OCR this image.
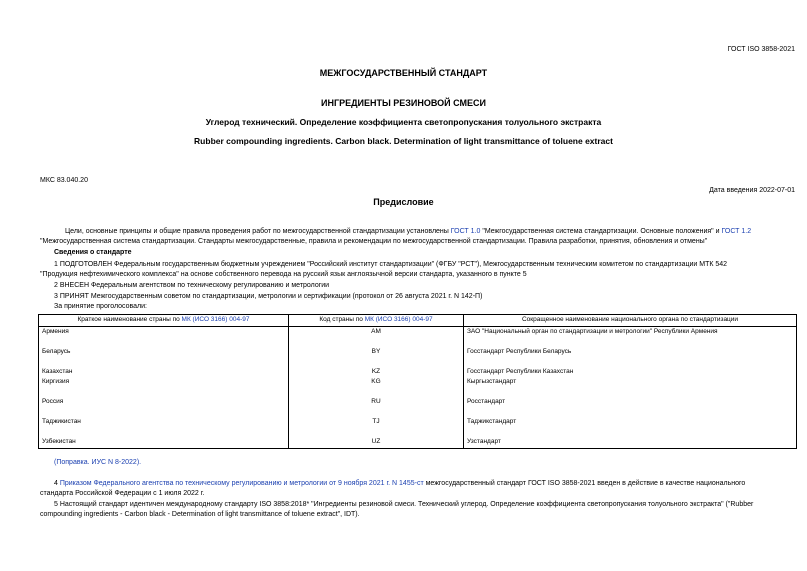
ГОСТ ISO 3858-2021
МЕЖГОСУДАРСТВЕННЫЙ СТАНДАРТ
ИНГРЕДИЕНТЫ РЕЗИНОВОЙ СМЕСИ
Углерод технический. Определение коэффициента светопропускания толуольного экстракта
Rubber compounding ingredients. Carbon black. Determination of light transmittance of toluene extract
МКС 83.040.20
Дата введения 2022-07-01
Предисловие
Цели, основные принципы и общие правила проведения работ по межгосударственной стандартизации установлены ГОСТ 1.0 "Межгосударственная система стандартизации. Основные положения" и ГОСТ 1.2
"Межгосударственная система стандартизации. Стандарты межгосударственные, правила и рекомендации по межгосударственной стандартизации. Правила разработки, принятия, обновления и отмены"
Сведения о стандарте
1 ПОДГОТОВЛЕН Федеральным государственным бюджетным учреждением "Российский институт стандартизации" (ФГБУ "РСТ"), Межгосударственным техническим комитетом по стандартизации МТК 542
"Продукция нефтехимического комплекса" на основе собственного перевода на русский язык англоязычной версии стандарта, указанного в пункте 5
2 ВНЕСЕН Федеральным агентством по техническому регулированию и метрологии
3 ПРИНЯТ Межгосударственным советом по стандартизации, метрологии и сертификации (протокол от 26 августа 2021 г. N 142-П)
За принятие проголосовали:
Краткое наименование страны по МК (ИСО 3166) 004-97	Код страны по МК (ИСО 3166) 004-97	Сокращенное наименование национального органа по стандартизации
Армения	AM	ЗАО "Национальный орган по стандартизации и метрологии" Республики Армения
Беларусь	BY	Госстандарт Республики Беларусь
Казахстан	KZ	Госстандарт Республики Казахстан
Киргизия	KG	Кыргызстандарт
Россия	RU	Росстандарт
Таджикистан	TJ	Таджикстандарт
Узбекистан	UZ	Узстандарт
(Поправка. ИУС N 8-2022).
4 Приказом Федерального агентства по техническому регулированию и метрологии от 9 ноября 2021 г. N 1455-ст межгосударственный стандарт ГОСТ ISO 3858-2021 введен в действие в качестве национального
стандарта Российской Федерации с 1 июля 2022 г.
5 Настоящий стандарт идентичен международному стандарту ISO 3858:2018* "Ингредиенты резиновой смеси. Технический углерод. Определение коэффициента светопропускания толуольного экстракта" ("Rubber
compounding ingredients - Carbon black - Determination of light transmittance of toluene extract", IDT).
